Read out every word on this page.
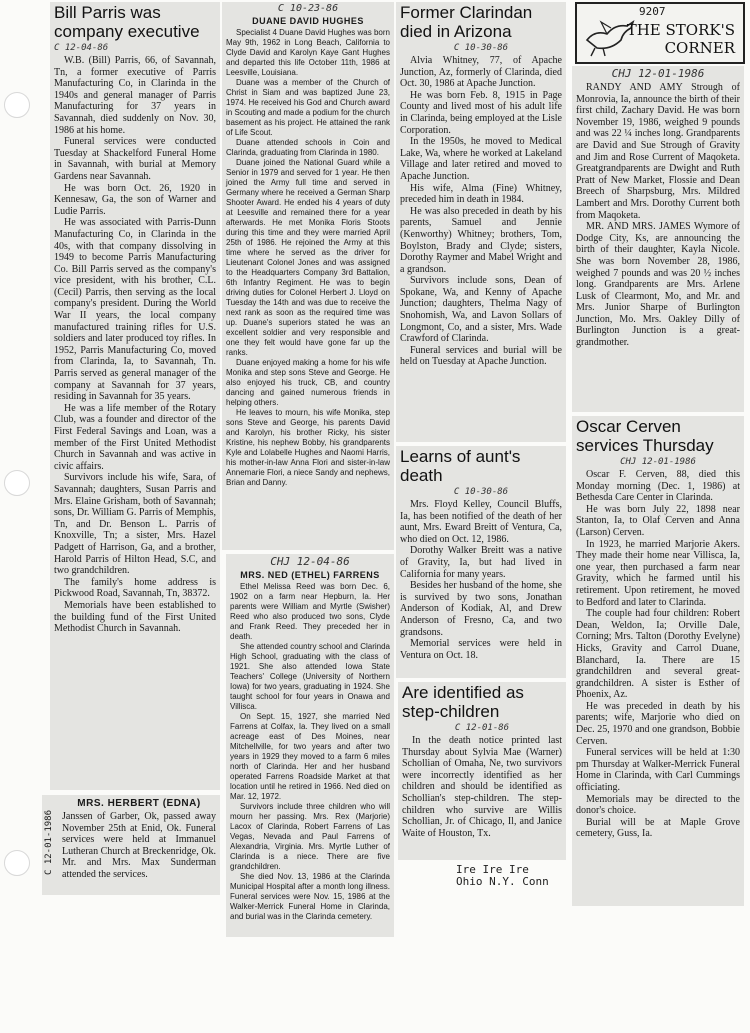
Bill Parris was company executive
C 12-04-86

W.B. (Bill) Parris, 66, of Savannah, Tn, a former executive of Parris Manufacturing Co, in Clarinda in the 1940s and general manager of Parris Manufacturing for 37 years in Savannah, died suddenly on Nov. 30, 1986 at his home.

Funeral services were conducted Tuesday at Shackelford Funeral Home in Savannah, with burial at Memory Gardens near Savannah.

He was born Oct. 26, 1920 in Kennesaw, Ga, the son of Warner and Ludie Parris.

He was associated with Parris-Dunn Manufacturing Co, in Clarinda in the 40s, with that company dissolving in 1949 to become Parris Manufacturing Co. Bill Parris served as the company's vice president, with his brother, C.L. (Cecil) Parris, then serving as the local company's president. During the World War II years, the local company manufactured training rifles for U.S. soldiers and later produced toy rifles. In 1952, Parris Manufacturing Co, moved from Clarinda, Ia, to Savannah, Tn. Parris served as general manager of the company at Savannah for 37 years, residing in Savannah for 35 years.

He was a life member of the Rotary Club, was a founder and director of the First Federal Savings and Loan, was a member of the First United Methodist Church in Savannah and was active in civic affairs.

Survivors include his wife, Sara, of Savannah; daughters, Susan Parris and Mrs. Elaine Grisham, both of Savannah; sons, Dr. William G. Parris of Memphis, Tn, and Dr. Benson L. Parris of Knoxville, Tn; a sister, Mrs. Hazel Padgett of Harrison, Ga, and a brother, Harold Parris of Hilton Head, S.C, and two grandchildren.

The family's home address is Pickwood Road, Savannah, Tn, 38372.

Memorials have been established to the building fund of the First United Methodist Church in Savannah.

C 12-01-1986
MRS. HERBERT (EDNA)

Janssen of Garber, Ok, passed away November 25th at Enid, Ok. Funeral services were held at Immanuel Lutheran Church at Breckenridge, Ok. Mr. and Mrs. Max Sunderman attended the services.

C 10-23-86
DUANE DAVID HUGHES

Specialist 4 Duane David Hughes was born May 9th, 1962 in Long Beach, California to Clyde David and Karolyn Kaye Gant Hughes and departed this life October 11th, 1986 at Leesville, Louisiana.

Duane was a member of the Church of Christ in Siam and was baptized June 23, 1974. He received his God and Church award in Scouting and made a podium for the church basement as his project. He attained the rank of Life Scout.

Duane attended schools in Coin and Clarinda, graduating from Clarinda in 1980.

Duane joined the National Guard while a Senior in 1979 and served for 1 year. He then joined the Army full time and served in Germany where he received a German Sharp Shooter Award. He ended his 4 years of duty at Leesville and remained there for a year afterwards. He met Monika Floris Stoots during this time and they were married April 25th of 1986. He rejoined the Army at this time where he served as the driver for Lieutenant Colonel Jones and was assigned to the Headquarters Company 3rd Battalion, 6th Infantry Regiment. He was to begin driving duties for Colonel Herbert J. Lloyd on Tuesday the 14th and was due to receive the next rank as soon as the required time was up. Duane's superiors stated he was an excellent soldier and very responsible and one they felt would have gone far up the ranks.

Duane enjoyed making a home for his wife Monika and step sons Steve and George. He also enjoyed his truck, CB, and country dancing and gained numerous friends in helping others.

He leaves to mourn, his wife Monika, step sons Steve and George, his parents David and Karolyn, his brother Ricky, his sister Kristine, his nephew Bobby, his grandparents Kyle and Lolabelle Hughes and Naomi Harris, his mother-in-law Anna Flori and sister-in-law Annemarie Flori, a niece Sandy and nephews, Brian and Danny.

CHJ 12-04-86
MRS. NED (ETHEL) FARRENS

Ethel Melissa Reed was born Dec. 6, 1902 on a farm near Hepburn, Ia. Her parents were William and Myrtle (Swisher) Reed who also produced two sons, Clyde and Frank Reed. They preceded her in death.

She attended country school and Clarinda High School, graduating with the class of 1921. She also attended Iowa State Teachers' College (University of Northern Iowa) for two years, graduating in 1924. She taught school for four years in Onawa and Villisca.

On Sept. 15, 1927, she married Ned Farrens at Colfax, Ia. They lived on a small acreage east of Des Moines, near Mitchellville, for two years and after two years in 1929 they moved to a farm 6 miles north of Clarinda. Her and her husband operated Farrens Roadside Market at that location until he retired in 1966. Ned died on Mar. 12, 1972.

Survivors include three children who will mourn her passing. Mrs. Rex (Marjorie) Lacox of Clarinda, Robert Farrens of Las Vegas, Nevada and Paul Farrens of Alexandria, Virginia. Mrs. Myrtle Luther of Clarinda is a niece. There are five grandchildren.

She died Nov. 13, 1986 at the Clarinda Municipal Hospital after a month long illness. Funeral services were Nov. 15, 1986 at the Walker-Merrick Funeral Home in Clarinda, and burial was in the Clarinda cemetery.

Former Clarindan died in Arizona
C 10-30-86

Alvia Whitney, 77, of Apache Junction, Az, formerly of Clarinda, died Oct. 30, 1986 at Apache Junction.

He was born Feb. 8, 1915 in Page County and lived most of his adult life in Clarinda, being employed at the Lisle Corporation.

In the 1950s, he moved to Medical Lake, Wa, where he worked at Lakeland Village and later retired and moved to Apache Junction.

His wife, Alma (Fine) Whitney, preceded him in death in 1984.

He was also preceded in death by his parents, Samuel and Jennie (Kenworthy) Whitney; brothers, Tom, Boylston, Brady and Clyde; sisters, Dorothy Raymer and Mabel Wright and a grandson.

Survivors include sons, Dean of Spokane, Wa, and Kenny of Apache Junction; daughters, Thelma Nagy of Snohomish, Wa, and Lavon Sollars of Longmont, Co, and a sister, Mrs. Wade Crawford of Clarinda.

Funeral services and burial will be held on Tuesday at Apache Junction.

Learns of aunt's death
C 10-30-86

Mrs. Floyd Kelley, Council Bluffs, Ia, has been notified of the death of her aunt, Mrs. Eward Breitt of Ventura, Ca, who died on Oct. 12, 1986.

Dorothy Walker Breitt was a native of Gravity, Ia, but had lived in California for many years.

Besides her husband of the home, she is survived by two sons, Jonathan Anderson of Kodiak, Al, and Drew Anderson of Fresno, Ca, and two grandsons.

Memorial services were held in Ventura on Oct. 18.

Are identified as step-children
C 12-01-86

In the death notice printed last Thursday about Sylvia Mae (Warner) Schollian of Omaha, Ne, two survivors were incorrectly identified as her children and should be identified as Schollian's step-children. The step-children who survive are Willis Schollian, Jr. of Chicago, Il, and Janice Waite of Houston, Tx.

Ire Ire Ire
Ohio N.Y. Conn
9207
THE STORK'S
CORNER
CHJ 12-01-1986

RANDY AND AMY Strough of Monrovia, Ia, announce the birth of their first child, Zachary David. He was born November 19, 1986, weighed 9 pounds and was 22 ¼ inches long. Grandparents are David and Sue Strough of Gravity and Jim and Rose Current of Maqoketa. Greatgrandparents are Dwight and Ruth Pratt of New Market, Flossie and Dean Breech of Sharpsburg, Mrs. Mildred Lambert and Mrs. Dorothy Current both from Maqoketa.

MR. AND MRS. JAMES Wymore of Dodge City, Ks, are announcing the birth of their daughter, Kayla Nicole. She was born November 28, 1986, weighed 7 pounds and was 20 ½ inches long. Grandparents are Mrs. Arlene Lusk of Clearmont, Mo, and Mr. and Mrs. Junior Sharpe of Burlington Junction, Mo. Mrs. Oakley Dilly of Burlington Junction is a great-grandmother.

Oscar Cerven services Thursday
CHJ 12-01-1986

Oscar F. Cerven, 88, died this Monday morning (Dec. 1, 1986) at Bethesda Care Center in Clarinda.

He was born July 22, 1898 near Stanton, Ia, to Olaf Cerven and Anna (Larson) Cerven.

In 1923, he married Marjorie Akers. They made their home near Villisca, Ia, one year, then purchased a farm near Gravity, which he farmed until his retirement. Upon retirement, he moved to Bedford and later to Clarinda.

The couple had four children: Robert Dean, Weldon, Ia; Orville Dale, Corning; Mrs. Talton (Dorothy Evelyne) Hicks, Gravity and Carrol Duane, Blanchard, Ia. There are 15 grandchildren and several great-grandchildren. A sister is Esther of Phoenix, Az.

He was preceded in death by his parents; wife, Marjorie who died on Dec. 25, 1970 and one grandson, Bobbie Cerven.

Funeral services will be held at 1:30 pm Thursday at Walker-Merrick Funeral Home in Clarinda, with Carl Cummings officiating.

Memorials may be directed to the donor's choice.

Burial will be at Maple Grove cemetery, Guss, Ia.
